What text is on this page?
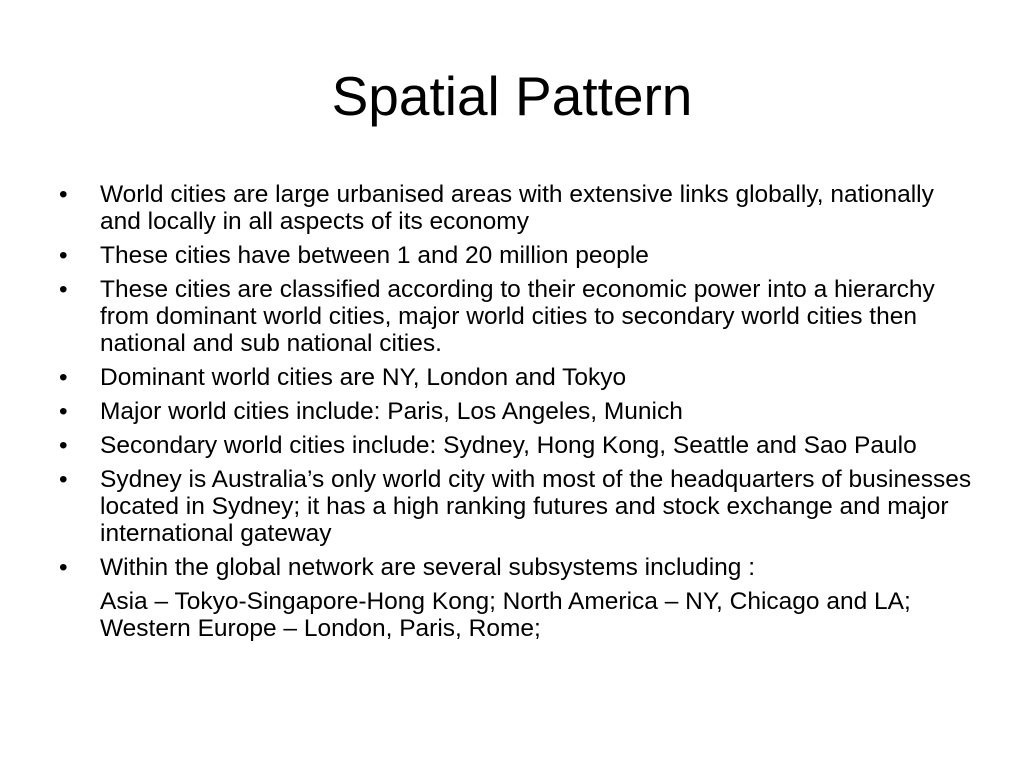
Spatial Pattern
•	World cities are large urbanised areas with extensive links globally, nationally and locally in all aspects of its economy
•	These cities have between 1 and 20 million people
•	These cities are classified according to their economic power into a hierarchy from dominant world cities, major world cities to secondary world cities then national and sub national cities.
•	Dominant world cities are NY, London and Tokyo
•	Major world cities include: Paris, Los Angeles, Munich
•	Secondary world cities include: Sydney, Hong Kong, Seattle and Sao Paulo
•	Sydney is Australia’s only world city with most of the headquarters of businesses located in Sydney; it has a high ranking futures and stock exchange and major international gateway
•	Within the global network are several subsystems including :
Asia – Tokyo-Singapore-Hong Kong; North America – NY, Chicago and LA; Western Europe – London, Paris, Rome;
